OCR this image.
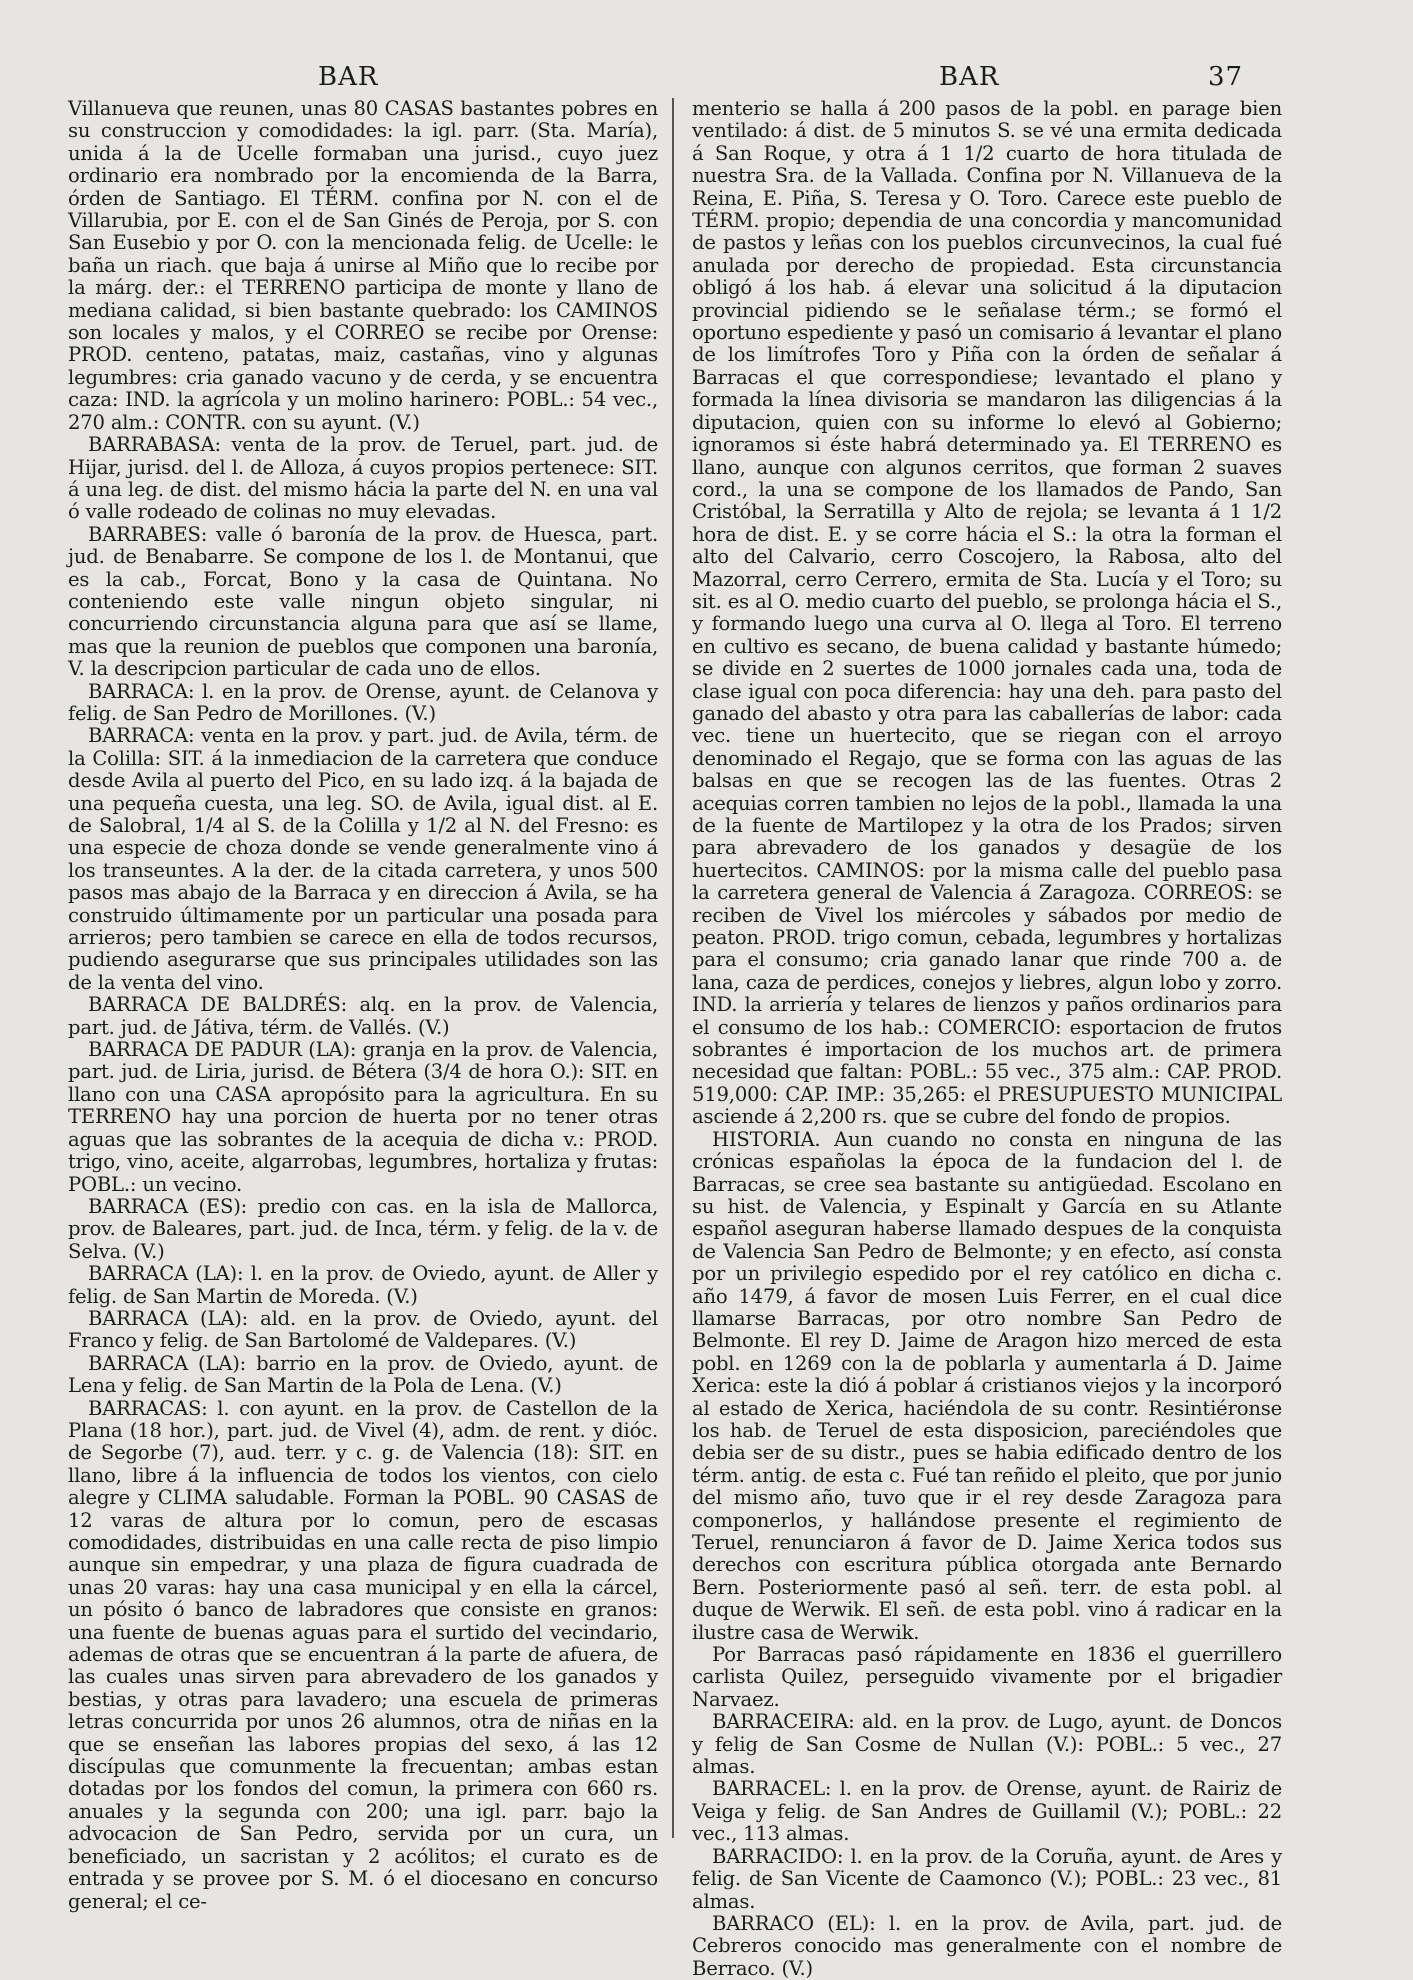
BAR	BAR	37

Villanueva que reunen, unas 80 CASAS bastantes pobres en su construccion y comodidades: la igl. parr. (Sta. María), unida á la de Ucelle formaban una jurisd., cuyo juez ordinario era nombrado por la encomienda de la Barra, órden de Santiago. El TÉRM. confina por N. con el de Villarubia, por E. con el de San Ginés de Peroja, por S. con San Eusebio y por O. con la mencionada felig. de Ucelle: le baña un riach. que baja á unirse al Miño que lo recibe por la márg. der.: el TERRENO participa de monte y llano de mediana calidad, si bien bastante quebrado: los CAMINOS son locales y malos, y el CORREO se recibe por Orense: PROD. centeno, patatas, maiz, castañas, vino y algunas legumbres: cria ganado vacuno y de cerda, y se encuentra caza: IND. la agrícola y un molino harinero: POBL.: 54 vec., 270 alm.: CONTR. con su ayunt. (V.)

BARRABASA: venta de la prov. de Teruel, part. jud. de Hijar, jurisd. del l. de Alloza, á cuyos propios pertenece: SIT. á una leg. de dist. del mismo hácia la parte del N. en una val ó valle rodeado de colinas no muy elevadas.

BARRABES: valle ó baronía de la prov. de Huesca, part. jud. de Benabarre. Se compone de los l. de Montanui, que es la cab., Forcat, Bono y la casa de Quintana. No conteniendo este valle ningun objeto singular, ni concurriendo circunstancia alguna para que así se llame, mas que la reunion de pueblos que componen una baronía, V. la descripcion particular de cada uno de ellos.

BARRACA: l. en la prov. de Orense, ayunt. de Celanova y felig. de San Pedro de Morillones. (V.)

BARRACA: venta en la prov. y part. jud. de Avila, térm. de la Colilla: SIT. á la inmediacion de la carretera que conduce desde Avila al puerto del Pico, en su lado izq. á la bajada de una pequeña cuesta, una leg. SO. de Avila, igual dist. al E. de Salobral, 1/4 al S. de la Colilla y 1/2 al N. del Fresno: es una especie de choza donde se vende generalmente vino á los transeuntes. A la der. de la citada carretera, y unos 500 pasos mas abajo de la Barraca y en direccion á Avila, se ha construido últimamente por un particular una posada para arrieros; pero tambien se carece en ella de todos recursos, pudiendo asegurarse que sus principales utilidades son las de la venta del vino.

BARRACA DE BALDRÉS: alq. en la prov. de Valencia, part. jud. de Játiva, térm. de Vallés. (V.)

BARRACA DE PADUR (LA): granja en la prov. de Valencia, part. jud. de Liria, jurisd. de Bétera (3/4 de hora O.): SIT. en llano con una CASA apropósito para la agricultura. En su TERRENO hay una porcion de huerta por no tener otras aguas que las sobrantes de la acequia de dicha v.: PROD. trigo, vino, aceite, algarrobas, legumbres, hortaliza y frutas: POBL.: un vecino.

BARRACA (ES): predio con cas. en la isla de Mallorca, prov. de Baleares, part. jud. de Inca, térm. y felig. de la v. de Selva. (V.)

BARRACA (LA): l. en la prov. de Oviedo, ayunt. de Aller y felig. de San Martin de Moreda. (V.)

BARRACA (LA): ald. en la prov. de Oviedo, ayunt. del Franco y felig. de San Bartolomé de Valdepares. (V.)

BARRACA (LA): barrio en la prov. de Oviedo, ayunt. de Lena y felig. de San Martin de la Pola de Lena. (V.)

BARRACAS: l. con ayunt. en la prov. de Castellon de la Plana (18 hor.), part. jud. de Vivel (4), adm. de rent. y dióc. de Segorbe (7), aud. terr. y c. g. de Valencia (18): SIT. en llano, libre á la influencia de todos los vientos, con cielo alegre y CLIMA saludable. Forman la POBL. 90 CASAS de 12 varas de altura por lo comun, pero de escasas comodidades, distribuidas en una calle recta de piso limpio aunque sin empedrar, y una plaza de figura cuadrada de unas 20 varas: hay una casa municipal y en ella la cárcel, un pósito ó banco de labradores que consiste en granos: una fuente de buenas aguas para el surtido del vecindario, ademas de otras que se encuentran á la parte de afuera, de las cuales unas sirven para abrevadero de los ganados y bestias, y otras para lavadero; una escuela de primeras letras concurrida por unos 26 alumnos, otra de niñas en la que se enseñan las labores propias del sexo, á las 12 discípulas que comunmente la frecuentan; ambas estan dotadas por los fondos del comun, la primera con 660 rs. anuales y la segunda con 200; una igl. parr. bajo la advocacion de San Pedro, servida por un cura, un beneficiado, un sacristan y 2 acólitos; el curato es de entrada y se provee por S. M. ó el diocesano en concurso general; el ce-

menterio se halla á 200 pasos de la pobl. en parage bien ventilado: á dist. de 5 minutos S. se vé una ermita dedicada á San Roque, y otra á 1 1/2 cuarto de hora titulada de nuestra Sra. de la Vallada. Confina por N. Villanueva de la Reina, E. Piña, S. Teresa y O. Toro. Carece este pueblo de TÉRM. propio; dependia de una concordia y mancomunidad de pastos y leñas con los pueblos circunvecinos, la cual fué anulada por derecho de propiedad. Esta circunstancia obligó á los hab. á elevar una solicitud á la diputacion provincial pidiendo se le señalase térm.; se formó el oportuno espediente y pasó un comisario á levantar el plano de los limítrofes Toro y Piña con la órden de señalar á Barracas el que correspondiese; levantado el plano y formada la línea divisoria se mandaron las diligencias á la diputacion, quien con su informe lo elevó al Gobierno; ignoramos si éste habrá determinado ya. El TERRENO es llano, aunque con algunos cerritos, que forman 2 suaves cord., la una se compone de los llamados de Pando, San Cristóbal, la Serratilla y Alto de rejola; se levanta á 1 1/2 hora de dist. E. y se corre hácia el S.: la otra la forman el alto del Calvario, cerro Coscojero, la Rabosa, alto del Mazorral, cerro Cerrero, ermita de Sta. Lucía y el Toro; su sit. es al O. medio cuarto del pueblo, se prolonga hácia el S., y formando luego una curva al O. llega al Toro. El terreno en cultivo es secano, de buena calidad y bastante húmedo; se divide en 2 suertes de 1000 jornales cada una, toda de clase igual con poca diferencia: hay una deh. para pasto del ganado del abasto y otra para las caballerías de labor: cada vec. tiene un huertecito, que se riegan con el arroyo denominado el Regajo, que se forma con las aguas de las balsas en que se recogen las de las fuentes. Otras 2 acequias corren tambien no lejos de la pobl., llamada la una de la fuente de Martilopez y la otra de los Prados; sirven para abrevadero de los ganados y desagüe de los huertecitos. CAMINOS: por la misma calle del pueblo pasa la carretera general de Valencia á Zaragoza. CORREOS: se reciben de Vivel los miércoles y sábados por medio de peaton. PROD. trigo comun, cebada, legumbres y hortalizas para el consumo; cria ganado lanar que rinde 700 a. de lana, caza de perdices, conejos y liebres, algun lobo y zorro. IND. la arriería y telares de lienzos y paños ordinarios para el consumo de los hab.: COMERCIO: esportacion de frutos sobrantes é importacion de los muchos art. de primera necesidad que faltan: POBL.: 55 vec., 375 alm.: CAP. PROD. 519,000: CAP. IMP.: 35,265: el PRESUPUESTO MUNICIPAL asciende á 2,200 rs. que se cubre del fondo de propios.

HISTORIA. Aun cuando no consta en ninguna de las crónicas españolas la época de la fundacion del l. de Barracas, se cree sea bastante su antigüedad. Escolano en su hist. de Valencia, y Espinalt y García en su Atlante español aseguran haberse llamado despues de la conquista de Valencia San Pedro de Belmonte; y en efecto, así consta por un privilegio espedido por el rey católico en dicha c. año 1479, á favor de mosen Luis Ferrer, en el cual dice llamarse Barracas, por otro nombre San Pedro de Belmonte. El rey D. Jaime de Aragon hizo merced de esta pobl. en 1269 con la de poblarla y aumentarla á D. Jaime Xerica: este la dió á poblar á cristianos viejos y la incorporó al estado de Xerica, haciéndola de su contr. Resintiéronse los hab. de Teruel de esta disposicion, pareciéndoles que debia ser de su distr., pues se habia edificado dentro de los térm. antig. de esta c. Fué tan reñido el pleito, que por junio del mismo año, tuvo que ir el rey desde Zaragoza para componerlos, y hallándose presente el regimiento de Teruel, renunciaron á favor de D. Jaime Xerica todos sus derechos con escritura pública otorgada ante Bernardo Bern. Posteriormente pasó al señ. terr. de esta pobl. al duque de Werwik. El señ. de esta pobl. vino á radicar en la ilustre casa de Werwik.

Por Barracas pasó rápidamente en 1836 el guerrillero carlista Quilez, perseguido vivamente por el brigadier Narvaez.

BARRACEIRA: ald. en la prov. de Lugo, ayunt. de Doncos y felig de San Cosme de Nullan (V.): POBL.: 5 vec., 27 almas.

BARRACEL: l. en la prov. de Orense, ayunt. de Rairiz de Veiga y felig. de San Andres de Guillamil (V.); POBL.: 22 vec., 113 almas.

BARRACIDO: l. en la prov. de la Coruña, ayunt. de Ares y felig. de San Vicente de Caamonco (V.); POBL.: 23 vec., 81 almas.

BARRACO (EL): l. en la prov. de Avila, part. jud. de Cebreros conocido mas generalmente con el nombre de Berraco. (V.)
